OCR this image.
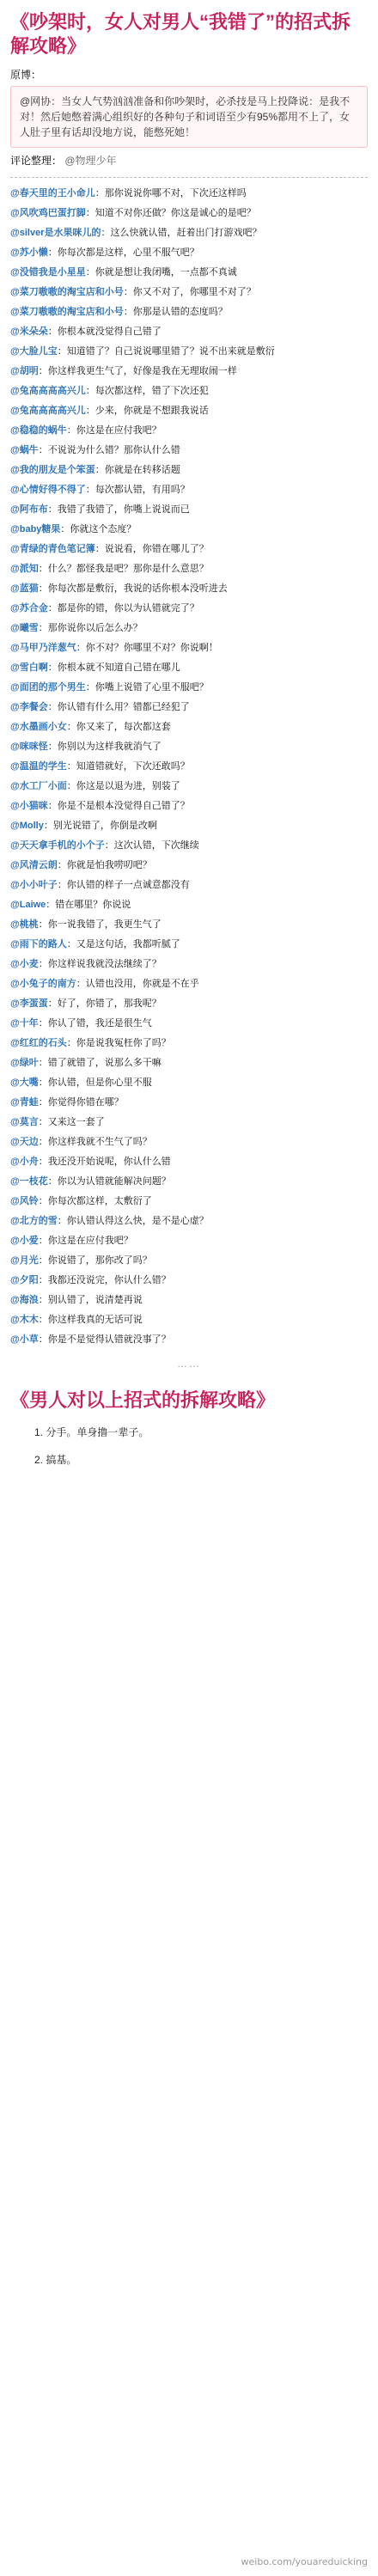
《吵架时，女人对男人“我错了”的招式拆解攻略》
原博：
@网协：当女人气势汹汹准备和你吵架时，必杀技是马上投降说：是我不对！然后她憋着满心组织好的各种句子和词语至少有95%都用不上了，女人肚子里有话却没地方说，能憋死她！
评论整理： @物理少年
@春天里的王小命儿：那你说说你哪不对，下次还这样吗
@风吹鸡巴蛋打脚：知道不对你还做？你这是诚心的是吧？
@silver是水果咪儿的：这么快就认错，赶着出门打游戏吧？
@苏小懒：你每次都是这样，心里不服气吧？
@没错我是小星星：你就是想让我闭嘴，一点都不真诚
@菜刀嗷嗷的淘宝店和小号：你又不对了，你哪里不对了？
@菜刀嗷嗷的淘宝店和小号：你那是认错的态度吗？
@米朵朵：你根本就没觉得自己错了
@大脸儿宝：知道错了？自己说说哪里错了？说不出来就是敷衍
@胡明：你这样我更生气了，好像是我在无理取闹一样
@兔高高高高兴儿：每次都这样，错了下次还犯
@兔高高高高兴儿：少来，你就是不想跟我说话
@稳稳的蜗牛：你这是在应付我吧？
@蜗牛：不说说为什么错？那你认什么错
@我的朋友是个笨蛋：你就是在转移话题
@心情好得不得了：每次都认错，有用吗？
@阿布布：我错了我错了，你嘴上说说而已
@baby糖果：你就这个态度？
@青绿的青色笔记簿：说说看，你错在哪儿了？
@派知：什么？都怪我是吧？那你是什么意思？
@蓝猫：你每次都是敷衍，我说的话你根本没听进去
@苏合金：都是你的错，你以为认错就完了？
@曦雪：那你说你以后怎么办？
@马甲乃洋葱气：你不对？你哪里不对？你说啊！
@雪白啊：你根本就不知道自己错在哪儿
@面团的那个男生：你嘴上说错了心里不服吧？
@李餐会：你认错有什么用？错都已经犯了
@水墨画小女：你又来了，每次都这套
@咪咪怪：你别以为这样我就消气了
@温温的学生：知道错就好，下次还敢吗？
@水工厂小面：你这是以退为进，别装了
@小猫咪：你是不是根本没觉得自己错了？
@Molly：别光说错了，你倒是改啊
@天天拿手机的小个子：这次认错，下次继续
@风清云朗：你就是怕我唠叨吧？
@小小叶子：你认错的样子一点诚意都没有
@Laiwe：错在哪里？你说说
@桃桃：你一说我错了，我更生气了
@雨下的路人：又是这句话，我都听腻了
@小麦：你这样说我就没法继续了？
@小兔子的南方：认错也没用，你就是不在乎
@李蛋蛋：好了，你错了，那我呢？
@十年：你认了错，我还是很生气
@红红的石头：你是说我冤枉你了吗？
@绿叶：错了就错了，说那么多干嘛
@大嘴：你认错，但是你心里不服
@青蛙：你觉得你错在哪？
@莫言：又来这一套了
@天边：你这样我就不生气了吗？
@小舟：我还没开始说呢，你认什么错
@一枝花：你以为认错就能解决问题？
@风铃：你每次都这样，太敷衍了
@北方的雪：你认错认得这么快，是不是心虚？
@小爱：你这是在应付我吧？
@月光：你说错了，那你改了吗？
@夕阳：我都还没说完，你认什么错？
@海浪：别认错了，说清楚再说
@木木：你这样我真的无话可说
@小草：你是不是觉得认错就没事了？
……
《男人对以上招式的拆解攻略》
1. 分手。单身撸一辈子。
2. 搞基。
weibo.com/youareduicking
